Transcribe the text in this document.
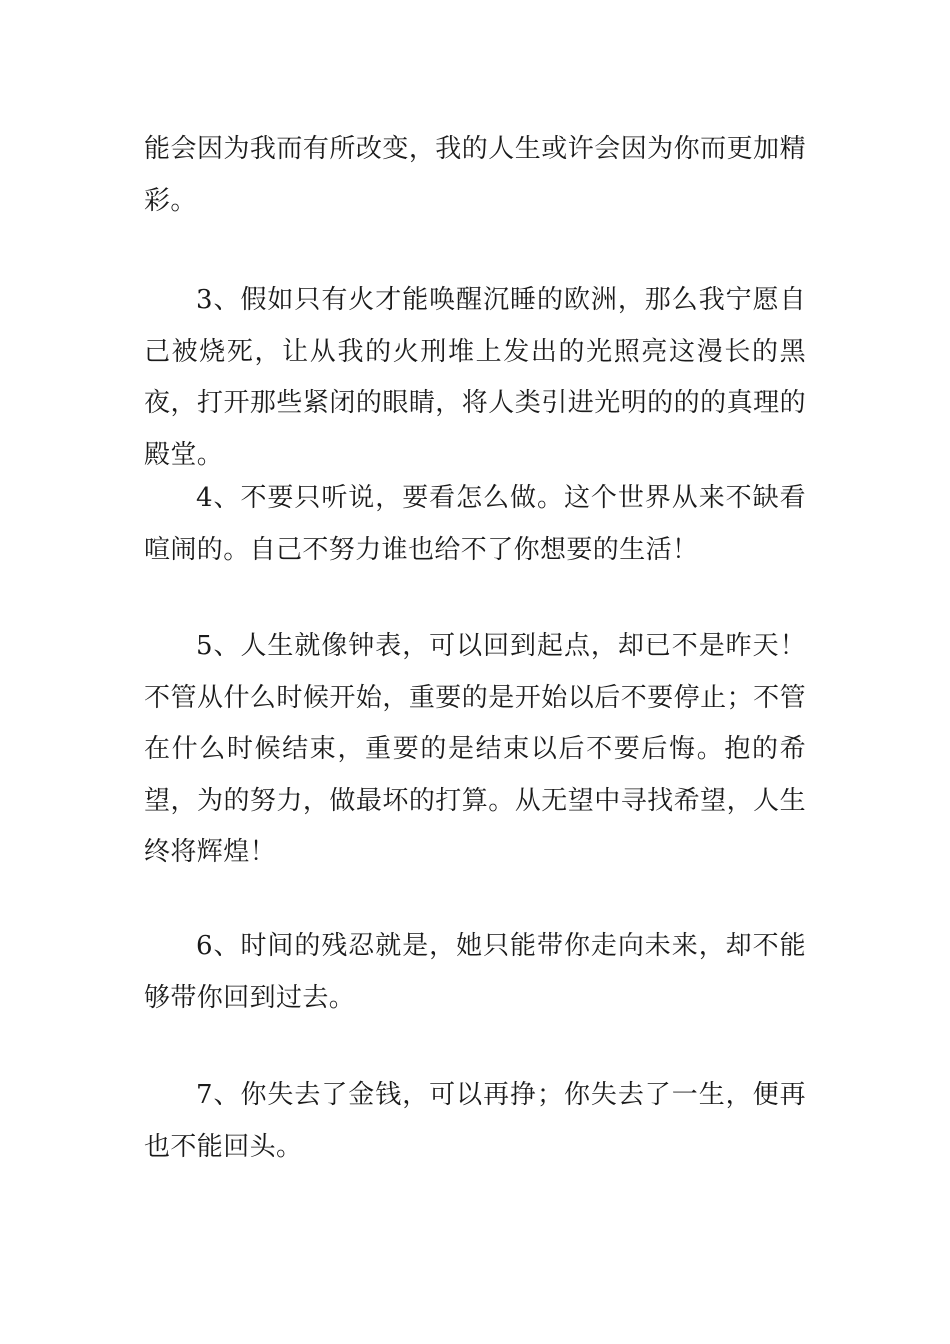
能会因为我而有所改变，我的人生或许会因为你而更加精彩。

3、假如只有火才能唤醒沉睡的欧洲，那么我宁愿自己被烧死，让从我的火刑堆上发出的光照亮这漫长的黑夜，打开那些紧闭的眼睛，将人类引进光明的的的真理的殿堂。

4、不要只听说，要看怎么做。这个世界从来不缺看喧闹的。自己不努力谁也给不了你想要的生活！

5、人生就像钟表，可以回到起点，却已不是昨天！不管从什么时候开始，重要的是开始以后不要停止；不管在什么时候结束，重要的是结束以后不要后悔。抱的希望，为的努力，做最坏的打算。从无望中寻找希望，人生终将辉煌！

6、时间的残忍就是，她只能带你走向未来，却不能够带你回到过去。

7、你失去了金钱，可以再挣；你失去了一生，便再也不能回头。
